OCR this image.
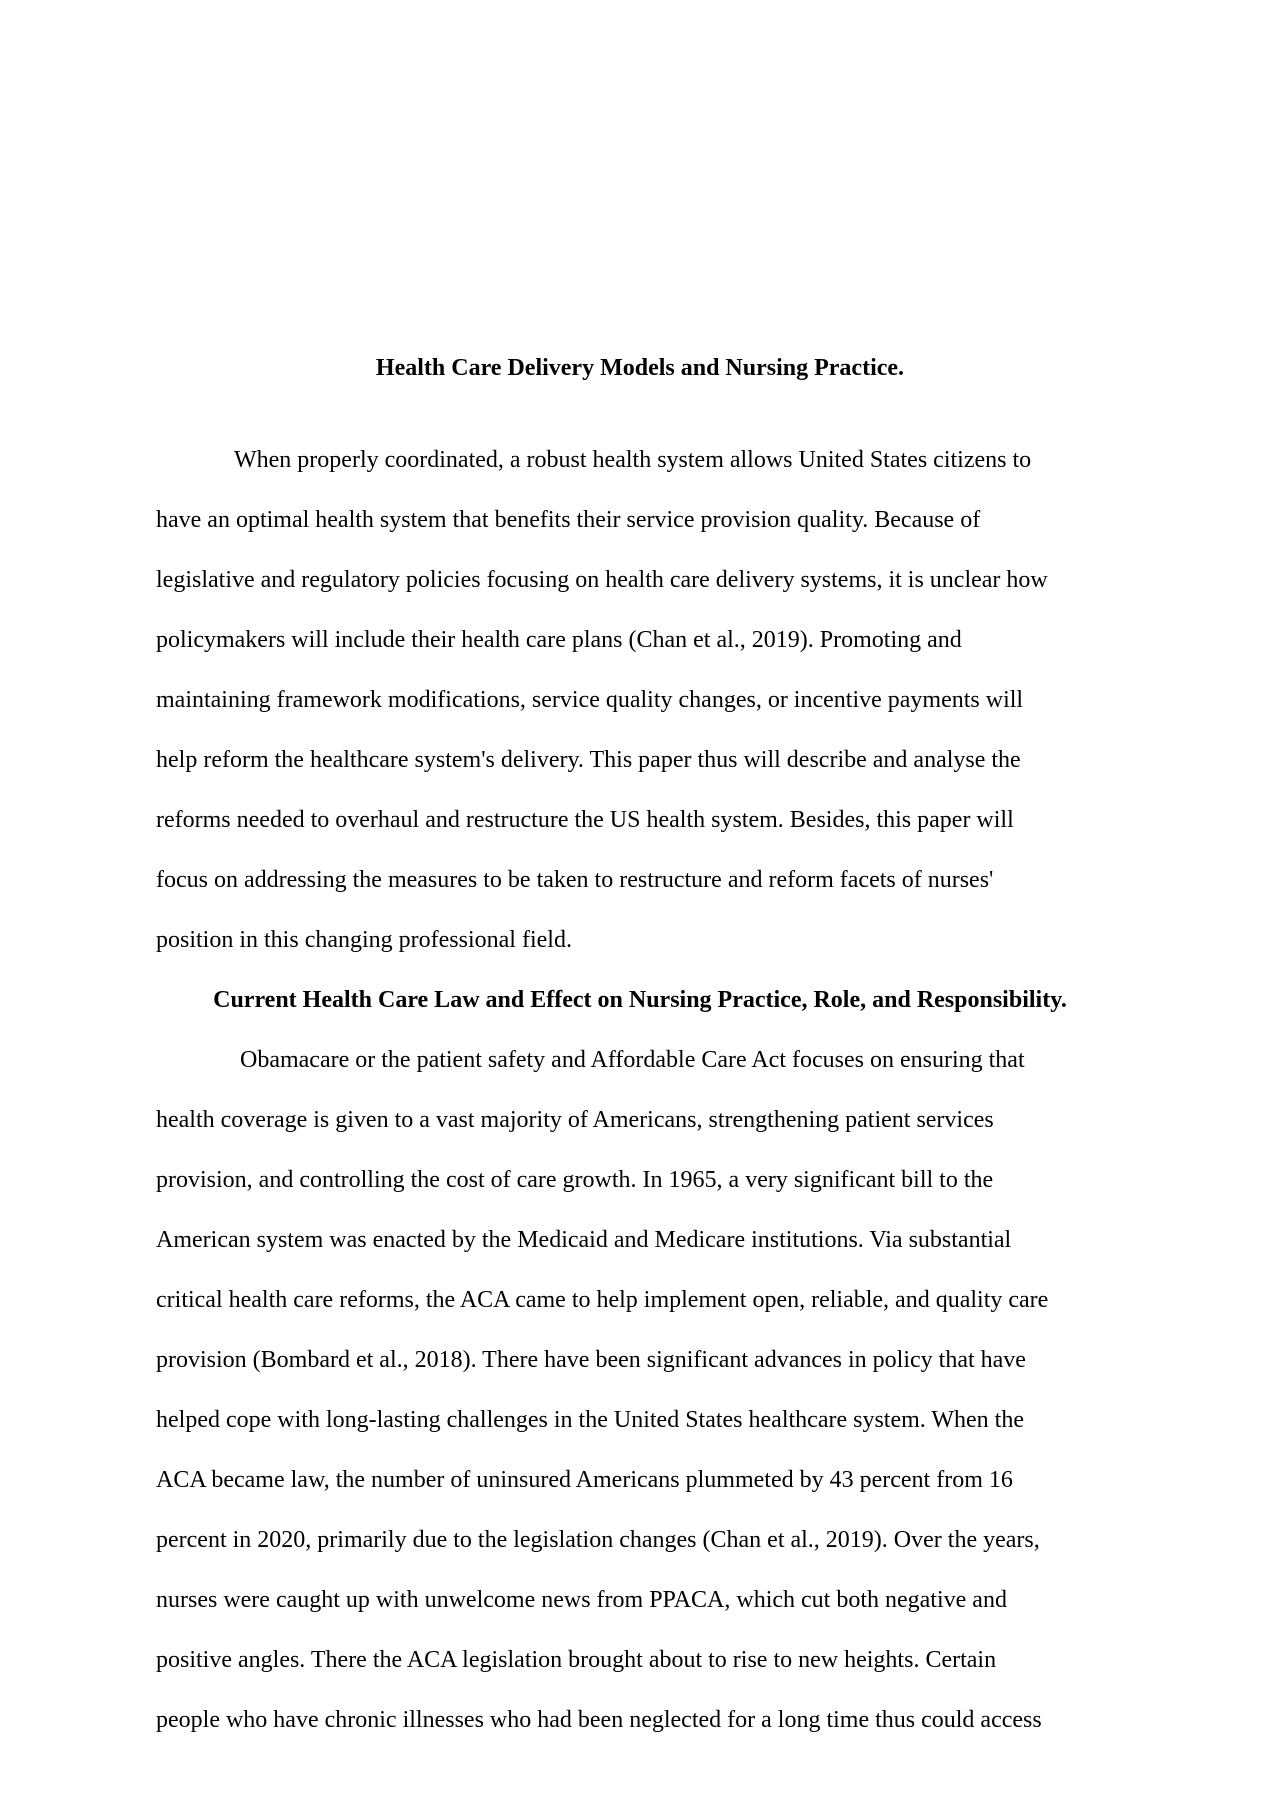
Health Care Delivery Models and Nursing Practice.

When properly coordinated, a robust health system allows United States citizens to

have an optimal health system that benefits their service provision quality. Because of

legislative and regulatory policies focusing on health care delivery systems, it is unclear how

policymakers will include their health care plans (Chan et al., 2019). Promoting and

maintaining framework modifications, service quality changes, or incentive payments will

help reform the healthcare system's delivery. This paper thus will describe and analyse the

reforms needed to overhaul and restructure the US health system. Besides, this paper will

focus on addressing the measures to be taken to restructure and reform facets of nurses'

position in this changing professional field.

Current Health Care Law and Effect on Nursing Practice, Role, and Responsibility.

Obamacare or the patient safety and Affordable Care Act focuses on ensuring that

health coverage is given to a vast majority of Americans, strengthening patient services

provision, and controlling the cost of care growth. In 1965, a very significant bill to the

American system was enacted by the Medicaid and Medicare institutions. Via substantial

critical health care reforms, the ACA came to help implement open, reliable, and quality care

provision (Bombard et al., 2018). There have been significant advances in policy that have

helped cope with long-lasting challenges in the United States healthcare system. When the

ACA became law, the number of uninsured Americans plummeted by 43 percent from 16

percent in 2020, primarily due to the legislation changes (Chan et al., 2019). Over the years,

nurses were caught up with unwelcome news from PPACA, which cut both negative and

positive angles. There the ACA legislation brought about to rise to new heights. Certain

people who have chronic illnesses who had been neglected for a long time thus could access
